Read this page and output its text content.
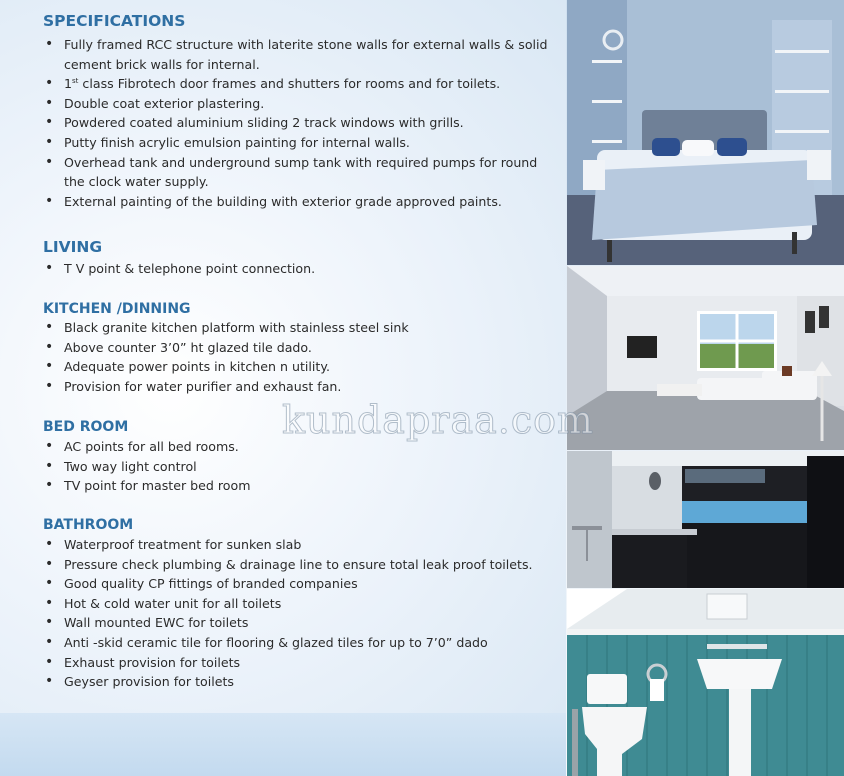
SPECIFICATIONS
• Fully framed RCC structure with laterite stone walls for external walls & solid cement brick walls for internal.
• 1st class Fibrotech door frames and shutters for rooms and for toilets.
• Double coat exterior plastering.
• Powdered coated aluminium sliding 2 track windows with grills.
• Putty finish acrylic emulsion painting for internal walls.
• Overhead tank and underground sump tank with required pumps for round the clock water supply.
• External painting of the building with exterior grade approved paints.
LIVING
• T V point & telephone point connection.
KITCHEN /DINNING
• Black granite kitchen platform with stainless steel sink
• Above counter 3’0” ht glazed tile dado.
• Adequate power points in kitchen n utility.
• Provision for water purifier and exhaust fan.
BED ROOM
• AC points for all bed rooms.
• Two way light control
• TV point for master bed room
BATHROOM
• Waterproof treatment for sunken slab
• Pressure check plumbing & drainage line to ensure total leak proof toilets.
• Good quality CP fittings of branded companies
• Hot & cold water unit for all toilets
• Wall mounted EWC for toilets
• Anti -skid ceramic tile for flooring & glazed tiles for up to 7’0” dado
• Exhaust provision for toilets
• Geyser provision for toilets
kundapraa.com
